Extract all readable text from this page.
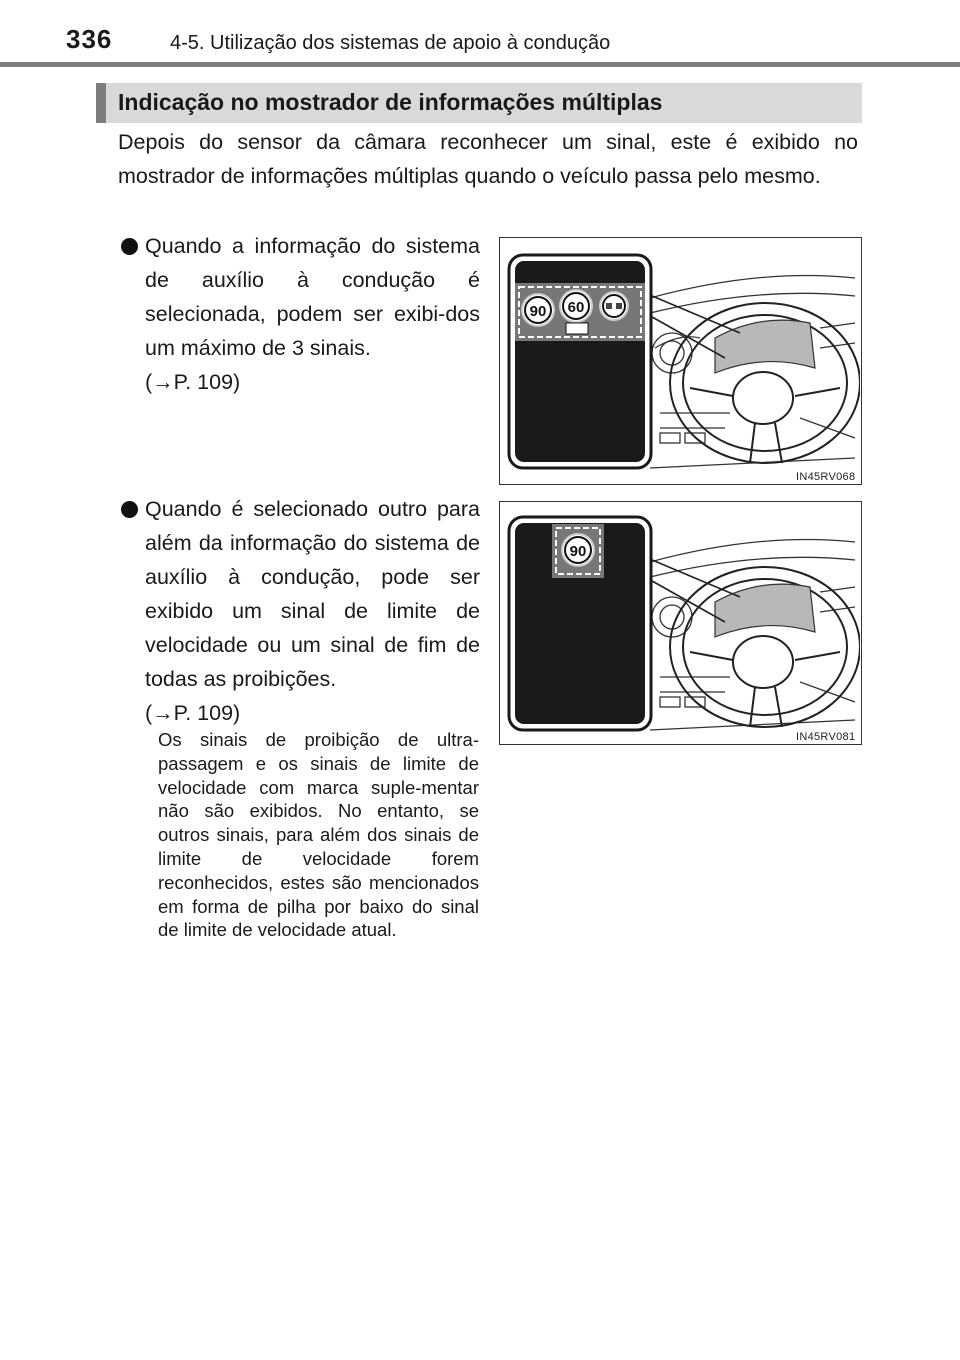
336	4-5. Utilização dos sistemas de apoio à condução
Indicação no mostrador de informações múltiplas
Depois do sensor da câmara reconhecer um sinal, este é exibido no mostrador de informações múltiplas quando o veículo passa pelo mesmo.
Quando a informação do sistema de auxílio à condução é selecionada, podem ser exibi-dos um máximo de 3 sinais.
(→P. 109)
Quando é selecionado outro para além da informação do sistema de auxílio à condução, pode ser exibido um sinal de limite de velocidade ou um sinal de fim de todas as proibições.
(→P. 109)
Os sinais de proibição de ultra-passagem e os sinais de limite de velocidade com marca suple-mentar não são exibidos. No entanto, se outros sinais, para além dos sinais de limite de velocidade forem reconhecidos, estes são mencionados em forma de pilha por baixo do sinal de limite de velocidade atual.
90 60
IN45RV068
90
IN45RV081
